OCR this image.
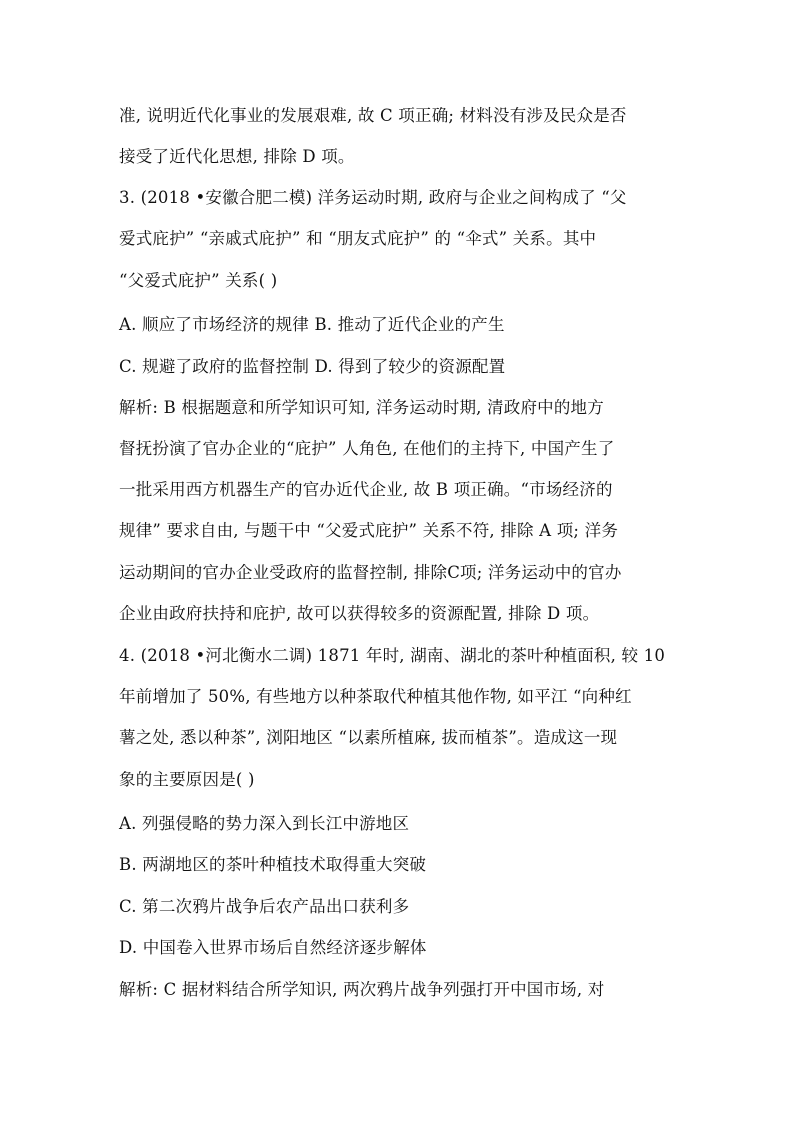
准, 说明近代化事业的发展艰难, 故 C 项正确; 材料没有涉及民众是否
接受了近代化思想, 排除 D 项。
3. (2018 •安徽合肥二模) 洋务运动时期, 政府与企业之间构成了 “父
爱式庇护” “亲戚式庇护” 和 “朋友式庇护” 的 “伞式” 关系。其中
“父爱式庇护” 关系( )
A. 顺应了市场经济的规律 B. 推动了近代企业的产生
C. 规避了政府的监督控制 D. 得到了较少的资源配置
解析: B 根据题意和所学知识可知, 洋务运动时期, 清政府中的地方
督抚扮演了官办企业的“庇护” 人角色, 在他们的主持下, 中国产生了
一批采用西方机器生产的官办近代企业, 故 B 项正确。“市场经济的
规律” 要求自由, 与题干中 “父爱式庇护” 关系不符, 排除 A 项; 洋务
运动期间的官办企业受政府的监督控制, 排除C项; 洋务运动中的官办
企业由政府扶持和庇护, 故可以获得较多的资源配置, 排除 D 项。
4. (2018 •河北衡水二调) 1871 年时, 湖南、湖北的茶叶种植面积, 较 10
年前增加了 50%, 有些地方以种茶取代种植其他作物, 如平江 “向种红
薯之处, 悉以种茶”, 浏阳地区 “以素所植麻, 拔而植茶”。造成这一现
象的主要原因是( )
A. 列强侵略的势力深入到长江中游地区
B. 两湖地区的茶叶种植技术取得重大突破
C. 第二次鸦片战争后农产品出口获利多
D. 中国卷入世界市场后自然经济逐步解体
解析: C 据材料结合所学知识, 两次鸦片战争列强打开中国市场, 对
